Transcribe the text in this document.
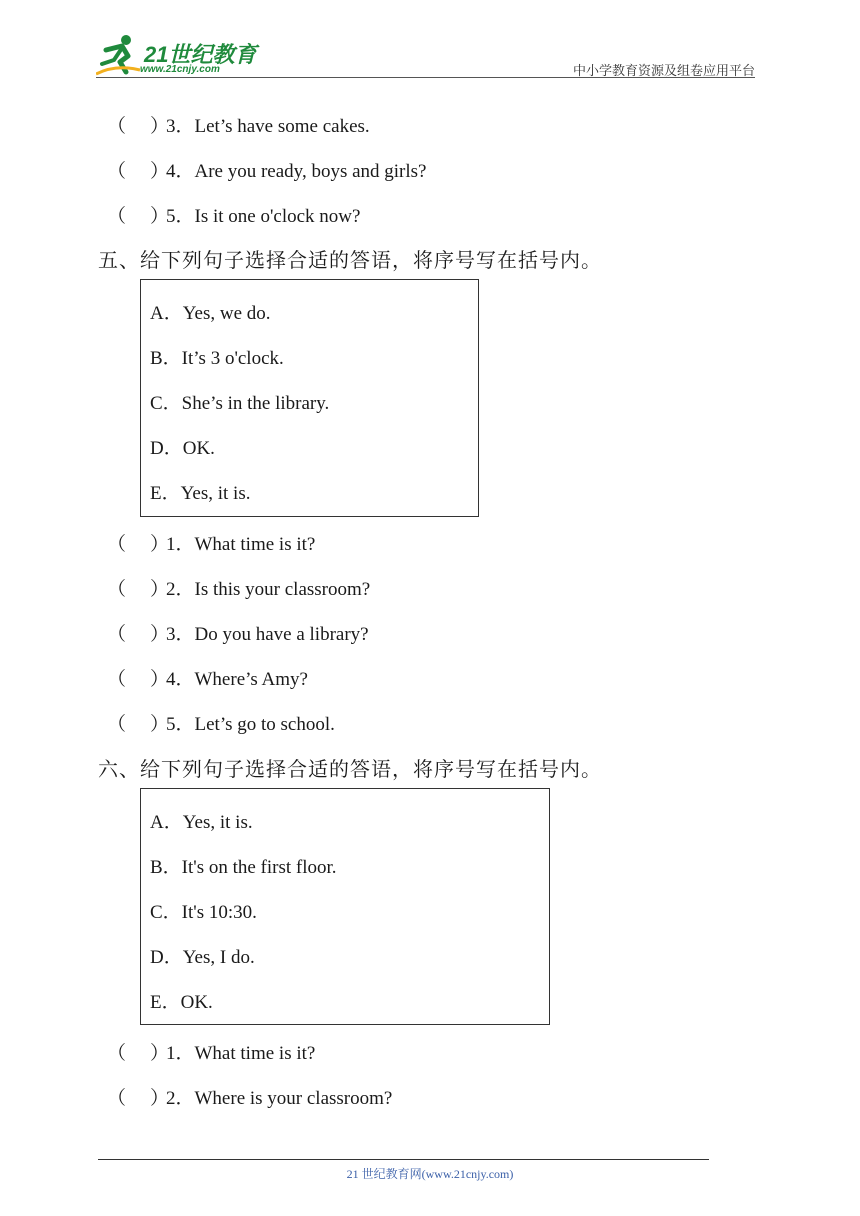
21世纪教育
www.21cnjy.com	中小学教育资源及组卷应用平台
（ ）
3．Let’s have some cakes.
（ ）
4．Are you ready, boys and girls?
（ ）
5．Is it one o'clock now?
五、给下列句子选择合适的答语，将序号写在括号内。
A．Yes, we do.
B．It’s 3 o'clock.
C．She’s in the library.
D．OK.
E．Yes, it is.
（ ）
1．What time is it?
（ ）
2．Is this your classroom?
（ ）
3．Do you have a library?
（ ）
4．Where’s Amy?
（ ）
5．Let’s go to school.
六、给下列句子选择合适的答语，将序号写在括号内。
A．Yes, it is.
B．It's on the first floor.
C．It's 10:30.
D．Yes, I do.
E．OK.
（ ）
1．What time is it?
（ ）
2．Where is your classroom?
21 世纪教育网(www.21cnjy.com)
